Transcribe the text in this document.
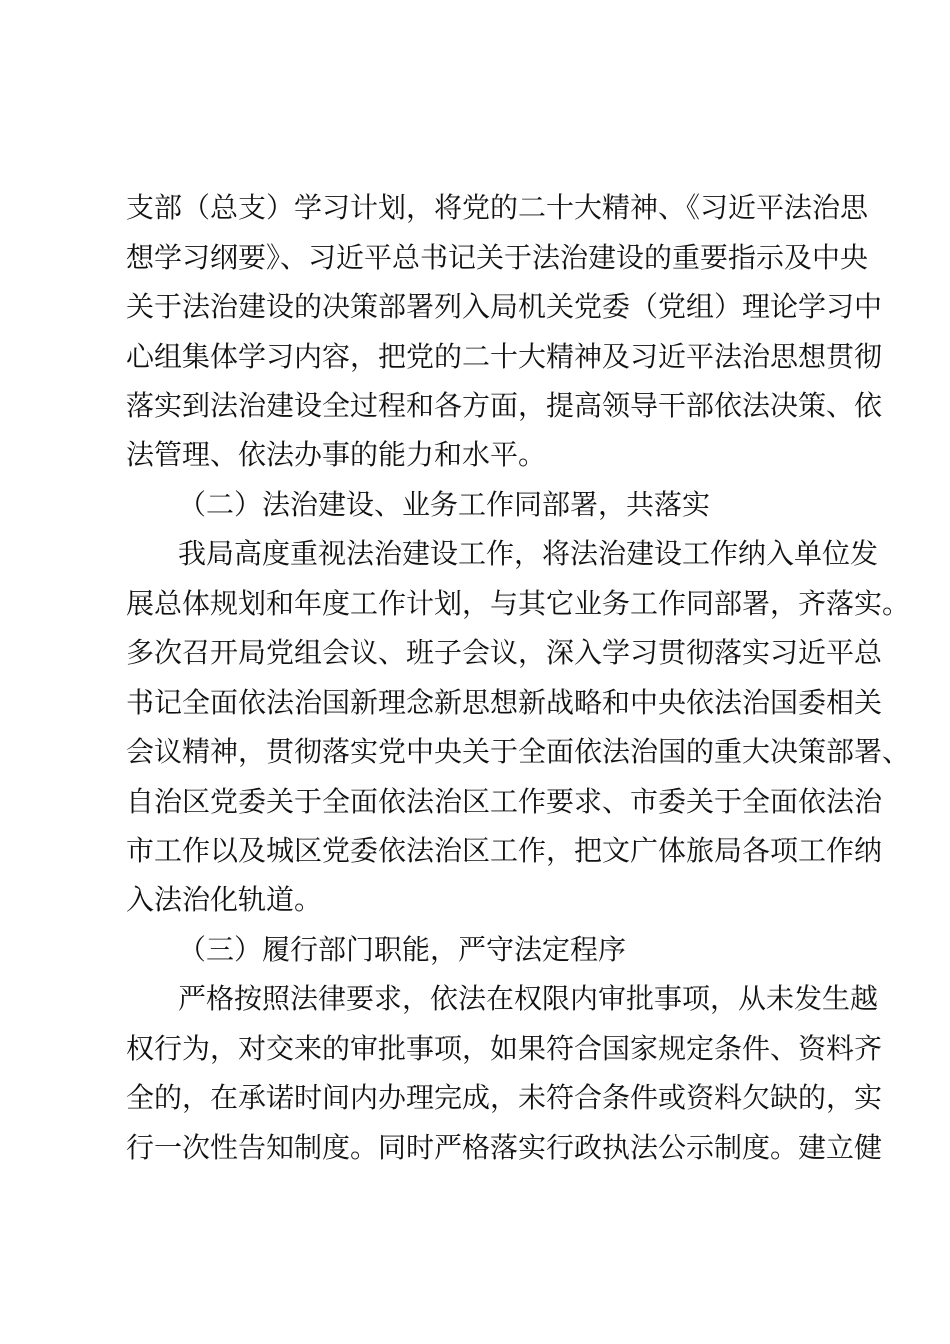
支部（总支）学习计划，将党的二十大精神、《习近平法治思
想学习纲要》、习近平总书记关于法治建设的重要指示及中央
关于法治建设的决策部署列入局机关党委（党组）理论学习中
心组集体学习内容，把党的二十大精神及习近平法治思想贯彻
落实到法治建设全过程和各方面，提高领导干部依法决策、依
法管理、依法办事的能力和水平。
（二）法治建设、业务工作同部署，共落实
我局高度重视法治建设工作，将法治建设工作纳入单位发
展总体规划和年度工作计划，与其它业务工作同部署，齐落实。
多次召开局党组会议、班子会议，深入学习贯彻落实习近平总
书记全面依法治国新理念新思想新战略和中央依法治国委相关
会议精神，贯彻落实党中央关于全面依法治国的重大决策部署、
自治区党委关于全面依法治区工作要求、市委关于全面依法治
市工作以及城区党委依法治区工作，把文广体旅局各项工作纳
入法治化轨道。
（三）履行部门职能，严守法定程序
严格按照法律要求，依法在权限内审批事项，从未发生越
权行为，对交来的审批事项，如果符合国家规定条件、资料齐
全的，在承诺时间内办理完成，未符合条件或资料欠缺的，实
行一次性告知制度。同时严格落实行政执法公示制度。建立健
